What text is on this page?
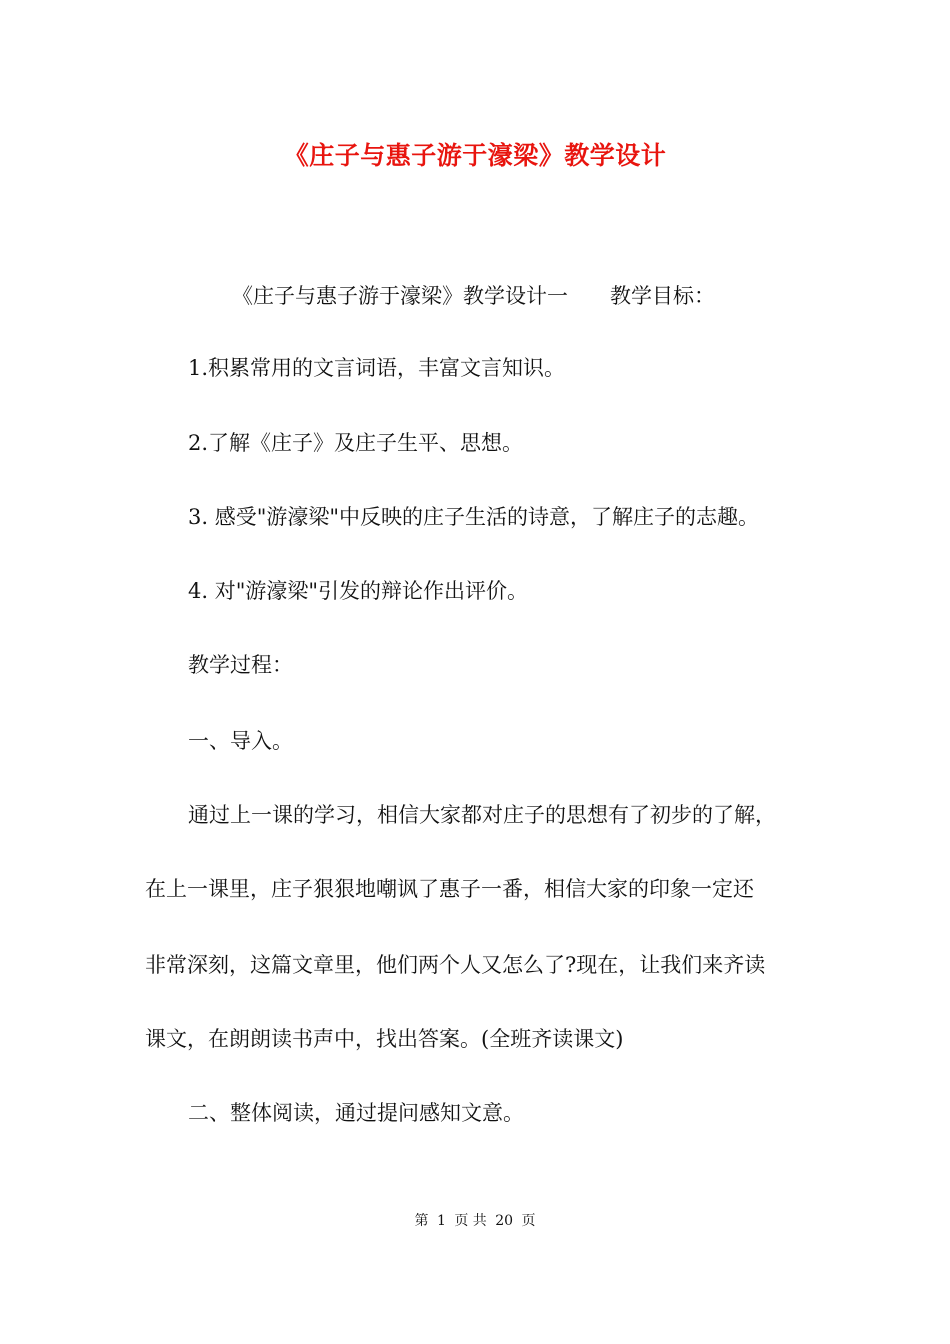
《庄子与惠子游于濠梁》教学设计
《庄子与惠子游于濠梁》教学设计一 教学目标：
1.积累常用的文言词语，丰富文言知识。
2.了解《庄子》及庄子生平、思想。
3. 感受"游濠梁"中反映的庄子生活的诗意，了解庄子的志趣。
4. 对"游濠梁"引发的辩论作出评价。
教学过程：
一、导入。
通过上一课的学习，相信大家都对庄子的思想有了初步的了解，
在上一课里，庄子狠狠地嘲讽了惠子一番，相信大家的印象一定还
非常深刻，这篇文章里，他们两个人又怎么了?现在，让我们来齐读
课文，在朗朗读书声中，找出答案。(全班齐读课文)
二、整体阅读，通过提问感知文意。
第 1 页 共 20 页
